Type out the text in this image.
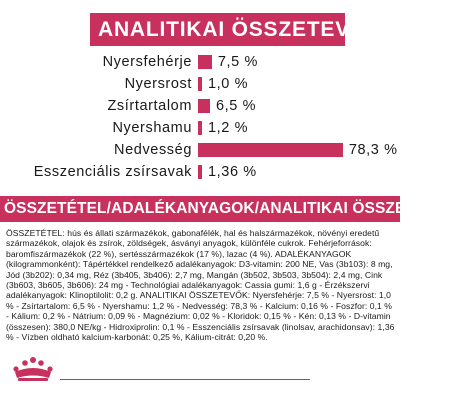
ANALITIKAI ÖSSZETEVŐK
Nyersfehérje 7,5 %
Nyersrost 1,0 %
Zsírtartalom 6,5 %
Nyershamu 1,2 %
Nedvesség	78,3 %
Esszenciális zsírsavak 1,36 %
ÖSSZETÉTEL/ADALÉKANYAGOK/ANALITIKAI ÖSSZETEVŐK

ÖSSZETÉTEL: hús és állati származékok, gabonafélék, hal és halszármazékok, növényi eredetű származékok, olajok és zsírok, zöldségek, ásványi anyagok, különféle cukrok. Fehérjeforrások: baromfiszármazékok (22 %), sertésszármazékok (17 %), lazac (4 %). ADALÉKANYAGOK (kilogrammonként): Tápértékkel rendelkező adalékanyagok: D3-vitamin: 200 NE, Vas (3b103): 8 mg, Jód (3b202): 0,34 mg, Réz (3b405, 3b406): 2,7 mg, Mangán (3b502, 3b503, 3b504): 2,4 mg, Cink (3b603, 3b605, 3b606): 24 mg - Technológiai adalékanyagok: Cassia gumi: 1,6 g - Érzékszervi adalékanyagok: Klinoptilolit: 0,2 g. ANALITIKAI ÖSSZETEVŐK: Nyersfehérje: 7,5 % - Nyersrost: 1,0 % - Zsírtartalom: 6,5 % - Nyershamu: 1,2 % - Nedvesség: 78,3 % - Kalcium: 0,16 % - Foszfor: 0,1 % - Kálium: 0,2 % - Nátrium: 0,09 % - Magnézium: 0,02 % - Kloridok: 0,15 % - Kén: 0,13 % - D-vitamin (összesen): 380,0 NE/kg - Hidroxiprolin: 0,1 % - Esszenciális zsírsavak (linolsav, arachidonsav): 1,36 % - Vízben oldható kalcium-karbonát: 0,25 %, Kálium-citrát: 0,20 %.
